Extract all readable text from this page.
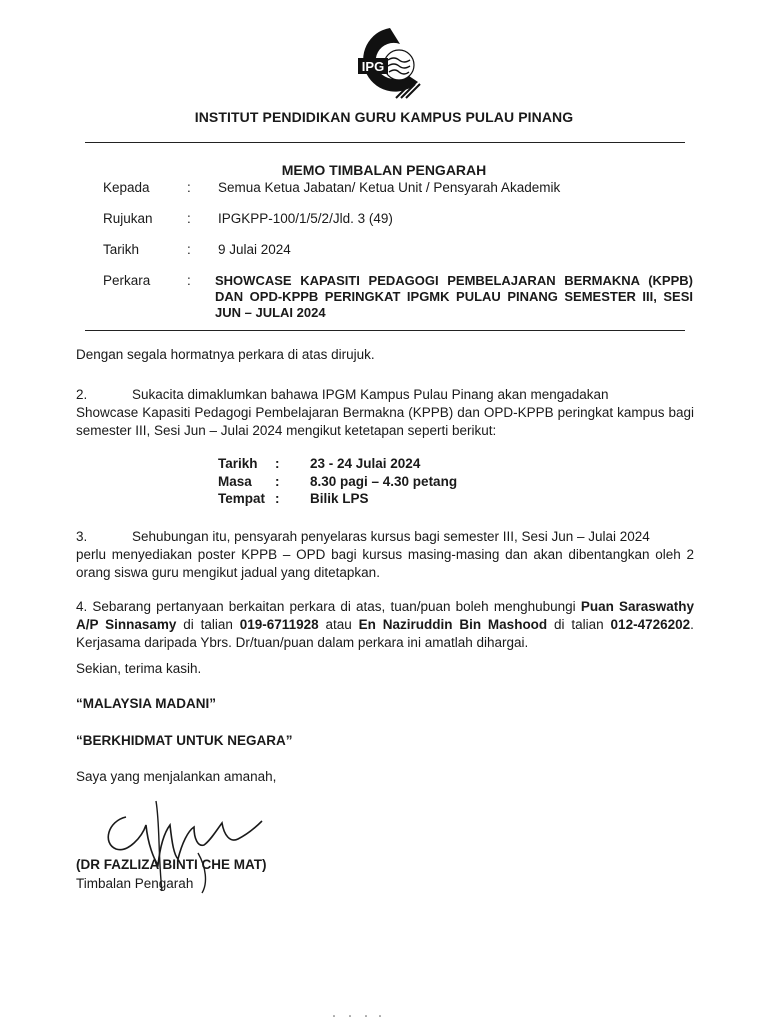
IPG
INSTITUT PENDIDIKAN GURU KAMPUS PULAU PINANG
MEMO TIMBALAN PENGARAH
Kepada	: Semua Ketua Jabatan/ Ketua Unit / Pensyarah Akademik
Rujukan	: IPGKPP-100/1/5/2/Jld. 3 (49)
Tarikh	: 9 Julai 2024
Perkara	: SHOWCASE KAPASITI PEDAGOGI PEMBELAJARAN BERMAKNA (KPPB) DAN OPD-KPPB PERINGKAT IPGMK PULAU PINANG SEMESTER III, SESI JUN – JULAI 2024
Dengan segala hormatnya perkara di atas dirujuk.
2.	Sukacita dimaklumkan bahawa IPGM Kampus Pulau Pinang akan mengadakan
Showcase Kapasiti Pedagogi Pembelajaran Bermakna (KPPB) dan OPD-KPPB peringkat kampus bagi semester III, Sesi Jun – Julai 2024 mengikut ketetapan seperti berikut:
Tarikh : 23 - 24 Julai 2024
Masa : 8.30 pagi – 4.30 petang
Tempat : Bilik LPS
3.	Sehubungan itu, pensyarah penyelaras kursus bagi semester III, Sesi Jun – Julai 2024
perlu menyediakan poster KPPB – OPD bagi kursus masing-masing dan akan dibentangkan oleh 2 orang siswa guru mengikut jadual yang ditetapkan.
4. Sebarang pertanyaan berkaitan perkara di atas, tuan/puan boleh menghubungi Puan Saraswathy A/P Sinnasamy di talian 019-6711928 atau En Naziruddin Bin Mashood di talian 012-4726202. Kerjasama daripada Ybrs. Dr/tuan/puan dalam perkara ini amatlah dihargai.
Sekian, terima kasih.
“MALAYSIA MADANI”
“BERKHIDMAT UNTUK NEGARA”
Saya yang menjalankan amanah,
(DR FAZLIZA BINTI CHE MAT)
Timbalan Pengarah
